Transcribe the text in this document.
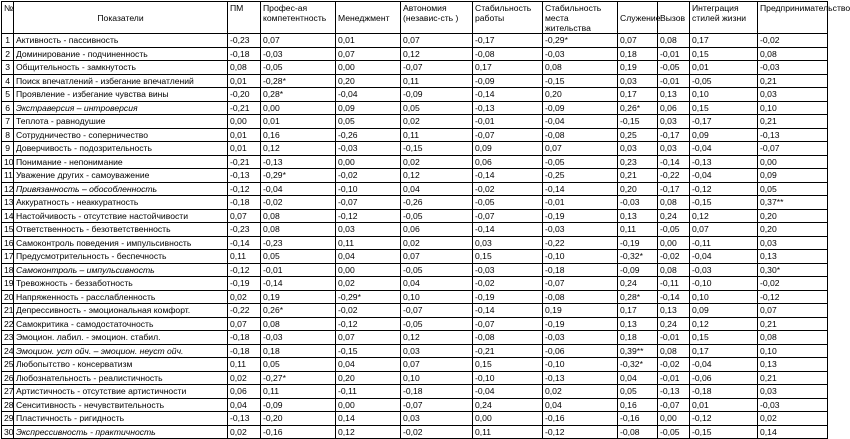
№	Показатели	ПМ	Профес-ая компетентность	Менеджмент	Автономия (независ-сть )	Стабильность работы	Стабильность места жительства	Служение	Вызов	Интеграция стилей жизни	Предпринимательство
1	Активность - пассивность	-0,23	0,07	0,01	0,07	-0,17	-0,29*	0,07	0,08	0,17	-0,02
2	Доминирование - подчиненность	-0,18	-0,03	0,07	0,12	-0,08	-0,03	0,18	-0,01	0,15	0,08
3	Общительность - замкнутость	0,08	-0,05	0,00	-0,07	0,17	0,08	0,19	-0,05	0,01	-0,03
4	Поиск впечатлений - избегание впечатлений	0,01	-0,28*	0,20	0,11	-0,09	-0,15	0,03	-0,01	-0,05	0,21
5	Проявление - избегание чувства вины	-0,20	0,28*	-0,04	-0,09	-0,14	0,20	0,17	0,13	0,10	0,03
6	Экстраверсия – интроверсия	-0,21	0,00	0,09	0,05	-0,13	-0,09	0,26*	0,06	0,15	0,10
7	Теплота - равнодушие	0,00	0,01	0,05	0,02	-0,01	-0,04	-0,15	0,03	-0,17	0,21
8	Сотрудничество - соперничество	0,01	0,16	-0,26	0,11	-0,07	-0,08	0,25	-0,17	0,09	-0,13
9	Доверчивость - подозрительность	0,01	0,12	-0,03	-0,15	0,09	0,07	0,03	0,03	-0,04	-0,07
10	Понимание - непонимание	-0,21	-0,13	0,00	0,02	0,06	-0,05	0,23	-0,14	-0,13	0,00
11	Уважение других - самоуважение	-0,13	-0,29*	-0,02	0,12	-0,14	-0,25	0,21	-0,22	-0,04	0,09
12	Привязанность – обособленность	-0,12	-0,04	-0,10	0,04	-0,02	-0,14	0,20	-0,17	-0,12	0,05
13	Аккуратность - неаккуратность	-0,18	-0,02	-0,07	-0,26	-0,05	-0,01	-0,03	0,08	-0,15	0,37**
14	Настойчивость - отсутствие настойчивости	0,07	0,08	-0,12	-0,05	-0,07	-0,19	0,13	0,24	0,12	0,20
15	Ответственность - безответственность	-0,23	0,08	0,03	0,06	-0,14	-0,03	0,11	-0,05	0,07	0,20
16	Самоконтроль поведения - импульсивность	-0,14	-0,23	0,11	0,02	0,03	-0,22	-0,19	0,00	-0,11	0,03
17	Предусмотрительность - беспечность	0,11	0,05	0,04	0,07	0,15	-0,10	-0,32*	-0,02	-0,04	0,13
18	Самоконтроль – импульсивность	-0,12	-0,01	0,00	-0,05	-0,03	-0,18	-0,09	0,08	-0,03	0,30*
19	Тревожность - беззаботность	-0,19	-0,14	0,02	0,04	-0,02	-0,07	0,24	-0,11	-0,10	-0,02
20	Напряженность - расслабленность	0,02	0,19	-0,29*	0,10	-0,19	-0,08	0,28*	-0,14	0,10	-0,12
21	Депрессивность - эмоциональная комфорт.	-0,22	0,26*	-0,02	-0,07	-0,14	0,19	0,17	0,13	0,09	0,07
22	Самокритика - самодостаточность	0,07	0,08	-0,12	-0,05	-0,07	-0,19	0,13	0,24	0,12	0,21
23	Эмоцион. лабил. - эмоцион. стабил.	-0,18	-0,03	0,07	0,12	-0,08	-0,03	0,18	-0,01	0,15	0,08
24	Эмоцион. уст ойч. – эмоцион. неуст ойч.	-0,18	0,18	-0,15	0,03	-0,21	-0,06	0,39**	0,08	0,17	0,10
25	Любопытство - консерватизм	0,11	0,05	0,04	0,07	0,15	-0,10	-0,32*	-0,02	-0,04	0,13
26	Любознательность - реалистичность	0,02	-0,27*	0,20	0,10	-0,10	-0,13	0,04	-0,01	-0,06	0,21
27	Артистичность - отсутствие артистичности	0,06	0,11	-0,11	-0,18	-0,04	0,02	0,05	-0,13	-0,18	0,03
28	Сенситивность - нечувствительность	0,04	-0,09	0,00	-0,07	0,24	0,04	0,16	-0,07	0,01	-0,03
29	Пластичность - ригидность	-0,13	-0,20	0,14	0,03	0,00	-0,16	-0,16	0,00	-0,12	0,02
30	Экспрессивность - практичность	0,02	-0,16	0,12	-0,02	0,11	-0,12	-0,08	-0,05	-0,15	0,14
